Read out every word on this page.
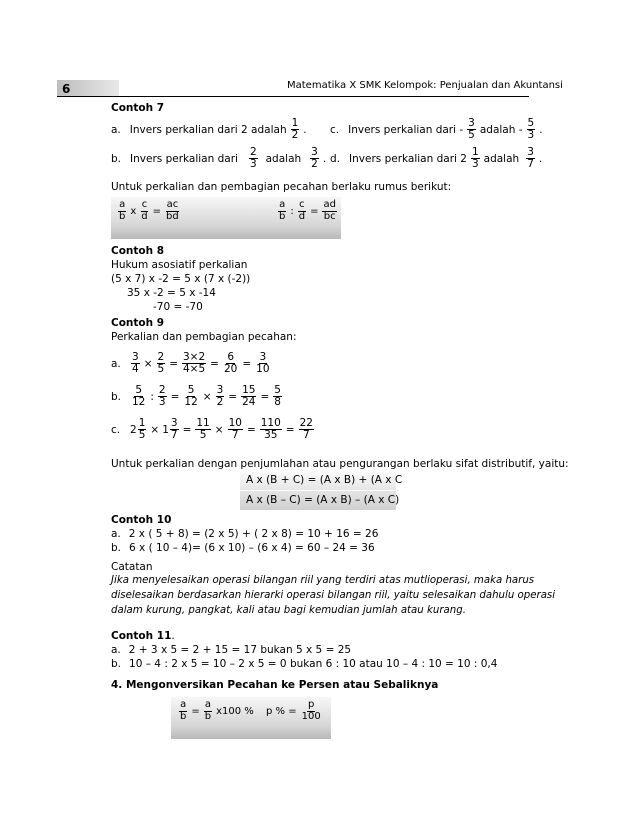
6	Matematika X SMK Kelompok: Penjualan dan Akuntansi
Contoh 7
a. Invers perkalian dari 2 adalah $\frac{1}{2}$ . c. Invers perkalian dari - $\frac{3}{5}$ adalah - $\frac{5}{3}$ .
b. Invers perkalian dari $\frac{2}{3}$ adalah $\frac{3}{2}$ . d. Invers perkalian dari $2 \frac{1}{3}$ adalah $\frac{3}{7}$ .
Untuk perkalian dan pembagian pecahan berlaku rumus berikut:
$\frac{a}{b}$ x $\frac{c}{d} = \frac{ac}{bd}$	$\frac{a}{b}$ : $\frac{c}{d} = \frac{ad}{bc}$
Contoh 8
Hukum asosiatif perkalian
(5 x 7) x -2 = 5 x (7 x (-2))
35 x -2 = 5 x -14
-70 = -70
Contoh 9
Perkalian dan pembagian pecahan:
a. $\frac{3}{4} \times \frac{2}{5} = \frac{3\times 2}{4\times 5} = \frac{6}{20} = \frac{3}{10}$
b. $\frac{5}{12}$ : $\frac{2}{3} = \frac{5}{12} \times \frac{3}{2} = \frac{15}{24} = \frac{5}{8}$
c. $2 \frac{1}{5} \times 1 \frac{3}{7} = \frac{11}{5} \times \frac{10}{7} = \frac{110}{35} = \frac{22}{7}$
Untuk perkalian dengan penjumlahan atau pengurangan berlaku sifat distributif, yaitu:
A x (B + C) = (A x B) + (A x C
A x (B – C) = (A x B) – (A x C)
Contoh 10
a. 2 x ( 5 + 8) = (2 x 5) + ( 2 x 8) = 10 + 16 = 26
b. 6 x ( 10 – 4)= (6 x 10) – (6 x 4) = 60 – 24 = 36
Catatan
Jika menyelesaikan operasi bilangan riil yang terdiri atas mutlioperasi, maka harus
diselesaikan berdasarkan hierarki operasi bilangan riil, yaitu selesaikan dahulu operasi
dalam kurung, pangkat, kali atau bagi kemudian jumlah atau kurang.
Contoh 11.
a. 2 + 3 x 5 = 2 + 15 = 17 bukan 5 x 5 = 25
b. 10 – 4 : 2 x 5 = 10 – 2 x 5 = 0 bukan 6 : 10 atau 10 – 4 : 10 = 10 : 0,4
4. Mengonversikan Pecahan ke Persen atau Sebaliknya
$\frac{a}{b} = \frac{a}{b} x100$ % p % = $\frac{p}{100}$
